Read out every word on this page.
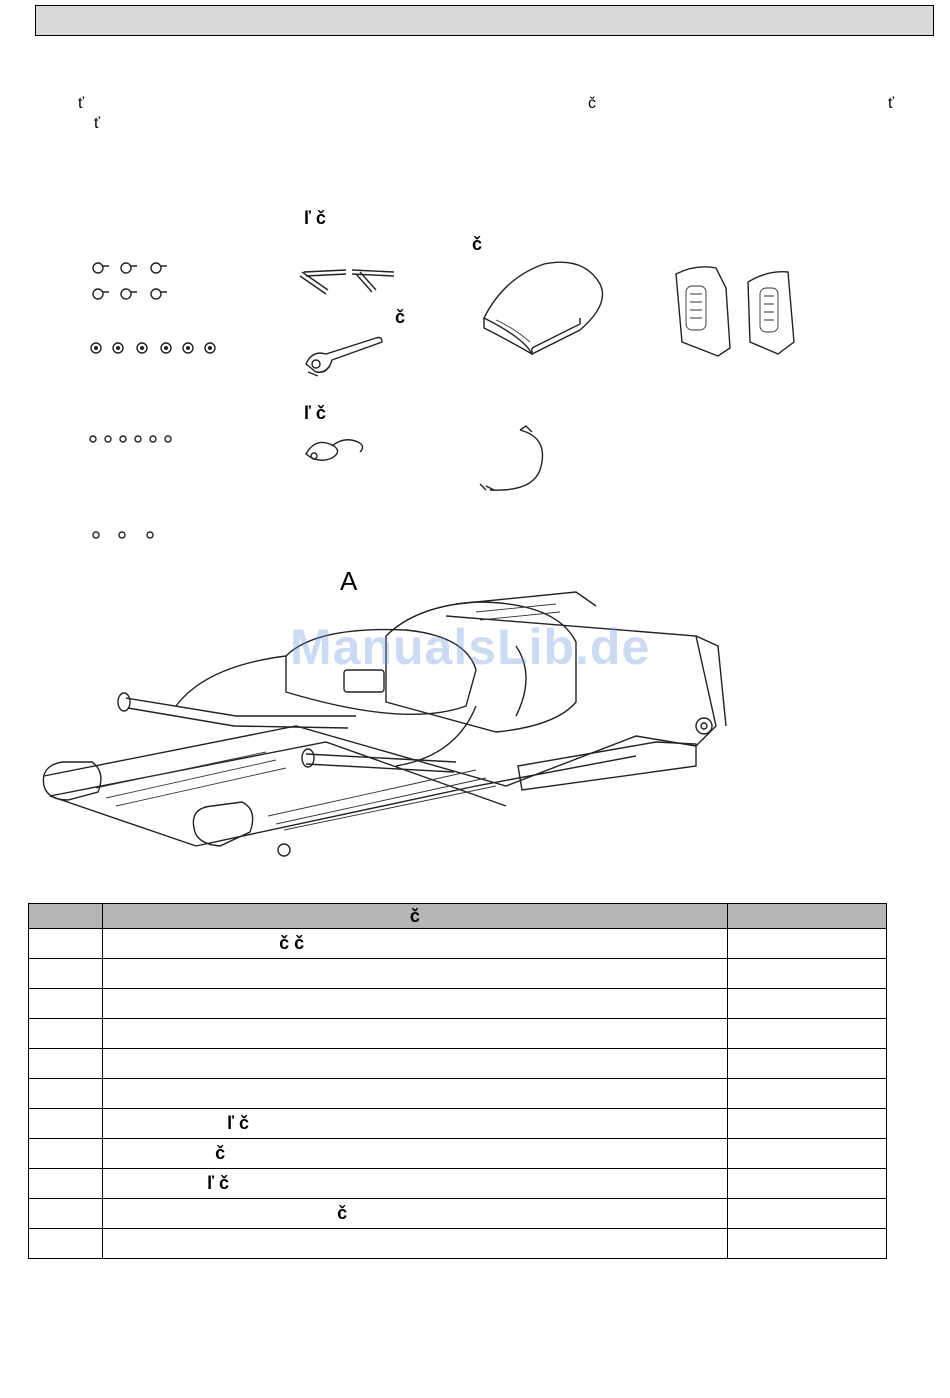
ť	č	ť
ť
ľ č
č
č
ľ č
A
ManualsLib.de
	č	
	č č	

	ľ č	
	č	
	ľ č	
	č	
